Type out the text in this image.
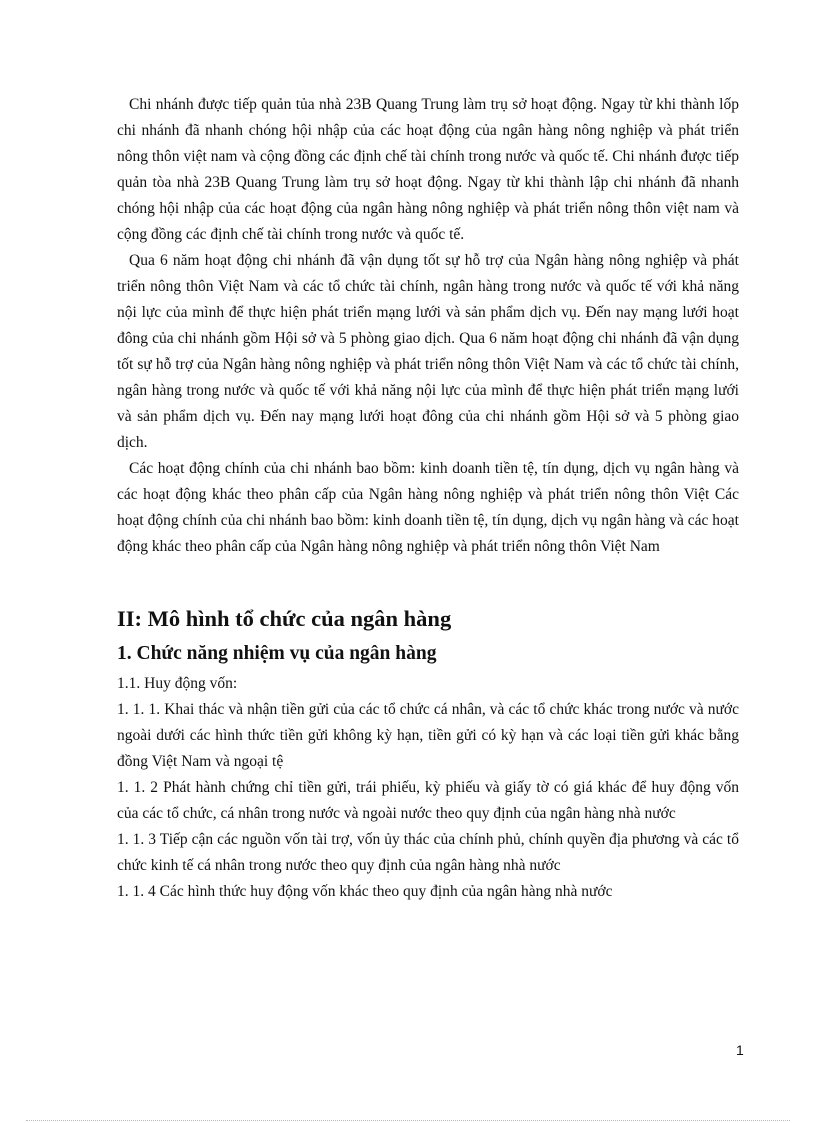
Chi nhánh được tiếp quản tủa nhà 23B Quang Trung làm trụ sở hoạt động. Ngay từ khi thành lốp chi nhánh đã nhanh chóng hội nhập của các hoạt động của ngân hàng nông nghiệp và phát triển nông thôn việt nam và cộng đồng các định chế tài chính trong nước và quốc tế. Chi nhánh được tiếp quản tòa nhà 23B Quang Trung làm trụ sở hoạt động. Ngay từ khi thành lập chi nhánh đã nhanh chóng hội nhập của các hoạt động của ngân hàng nông nghiệp và phát triển nông thôn việt nam và cộng đồng các định chế tài chính trong nước và quốc tế.

Qua 6 năm hoạt động chi nhánh đã vận dụng tốt sự hỗ trợ của Ngân hàng nông nghiệp và phát triển nông thôn Việt Nam và các tổ chức tài chính, ngân hàng trong nước và quốc tế với khả năng nội lực của mình để thực hiện phát triển mạng lưới và sản phẩm dịch vụ. Đến nay mạng lưới hoạt đông của chi nhánh gồm Hội sở và 5 phòng giao dịch. Qua 6 năm hoạt động chi nhánh đã vận dụng tốt sự hỗ trợ của Ngân hàng nông nghiệp và phát triển nông thôn Việt Nam và các tổ chức tài chính, ngân hàng trong nước và quốc tế với khả năng nội lực của mình để thực hiện phát triển mạng lưới và sản phẩm dịch vụ. Đến nay mạng lưới hoạt đông của chi nhánh gồm Hội sở và 5 phòng giao dịch.

Các hoạt động chính của chi nhánh bao bồm: kinh doanh tiền tệ, tín dụng, dịch vụ ngân hàng và các hoạt động khác theo phân cấp của Ngân hàng nông nghiệp và phát triển nông thôn Việt Các hoạt động chính của chi nhánh bao bồm: kinh doanh tiền tệ, tín dụng, dịch vụ ngân hàng và các hoạt động khác theo phân cấp của Ngân hàng nông nghiệp và phát triển nông thôn Việt Nam

II: Mô hình tổ chức của ngân hàng
1. Chức năng nhiệm vụ của ngân hàng

1.1. Huy động vốn:

1. 1. 1. Khai thác và nhận tiền gửi của các tổ chức cá nhân, và các tổ chức khác trong nước và nước ngoài dưới các hình thức tiền gửi không kỳ hạn, tiền gửi có kỳ hạn và các loại tiền gửi khác bằng đồng Việt Nam và ngoại tệ

1. 1. 2 Phát hành chứng chỉ tiền gửi, trái phiếu, kỳ phiếu và giấy tờ có giá khác để huy động vốn của các tổ chức, cá nhân trong nước và ngoài nước theo quy định của ngân hàng nhà nước

1. 1. 3 Tiếp cận các nguồn vốn tài trợ, vốn ủy thác của chính phủ, chính quyền địa phương và các tổ chức kinh tế cá nhân trong nước theo quy định của ngân hàng nhà nước

1. 1. 4 Các hình thức huy động vốn khác theo quy định của ngân hàng nhà nước

1
